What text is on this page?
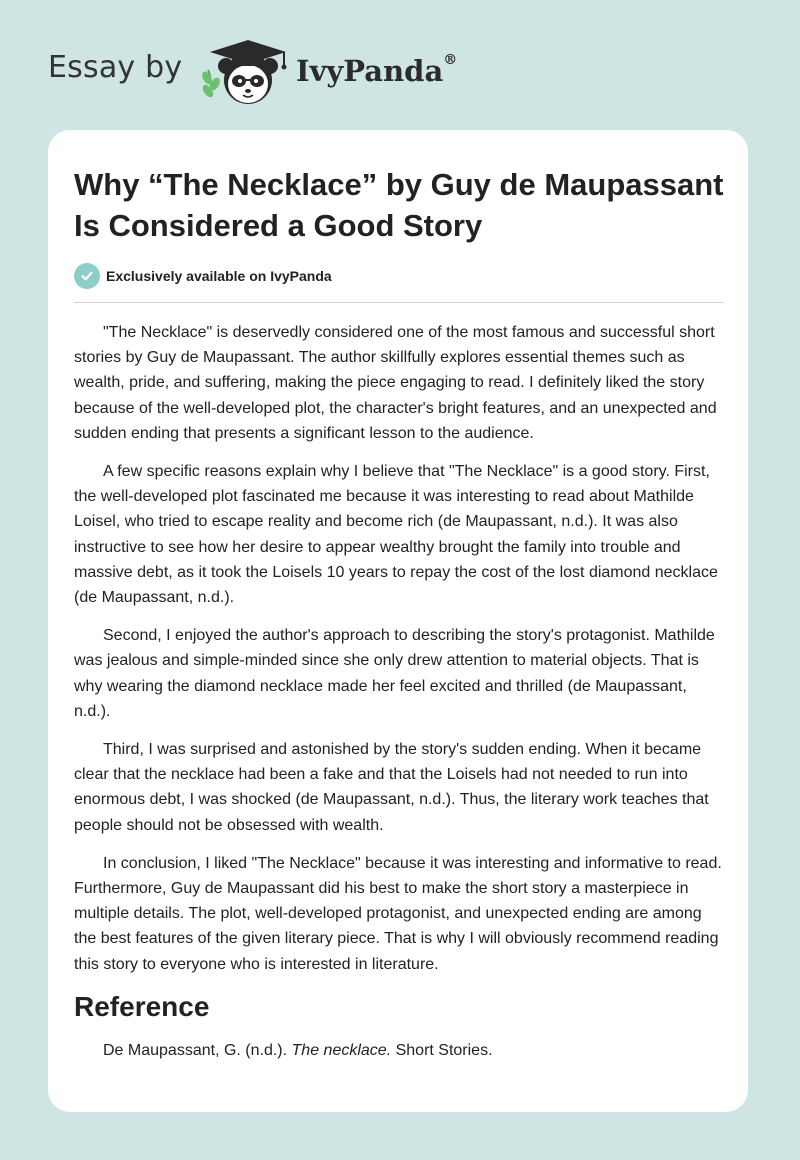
Essay by	IvyPanda®
Why “The Necklace” by Guy de Maupassant Is Considered a Good Story
Exclusively available on IvyPanda

"The Necklace" is deservedly considered one of the most famous and successful short stories by Guy de Maupassant. The author skillfully explores essential themes such as wealth, pride, and suffering, making the piece engaging to read. I definitely liked the story because of the well-developed plot, the character's bright features, and an unexpected and sudden ending that presents a significant lesson to the audience.

A few specific reasons explain why I believe that "The Necklace" is a good story. First, the well-developed plot fascinated me because it was interesting to read about Mathilde Loisel, who tried to escape reality and become rich (de Maupassant, n.d.). It was also instructive to see how her desire to appear wealthy brought the family into trouble and massive debt, as it took the Loisels 10 years to repay the cost of the lost diamond necklace (de Maupassant, n.d.).

Second, I enjoyed the author's approach to describing the story's protagonist. Mathilde was jealous and simple-minded since she only drew attention to material objects. That is why wearing the diamond necklace made her feel excited and thrilled (de Maupassant, n.d.).

Third, I was surprised and astonished by the story's sudden ending. When it became clear that the necklace had been a fake and that the Loisels had not needed to run into enormous debt, I was shocked (de Maupassant, n.d.). Thus, the literary work teaches that people should not be obsessed with wealth.

In conclusion, I liked "The Necklace" because it was interesting and informative to read. Furthermore, Guy de Maupassant did his best to make the short story a masterpiece in multiple details. The plot, well-developed protagonist, and unexpected ending are among the best features of the given literary piece. That is why I will obviously recommend reading this story to everyone who is interested in literature.

Reference

De Maupassant, G. (n.d.). The necklace. Short Stories.
